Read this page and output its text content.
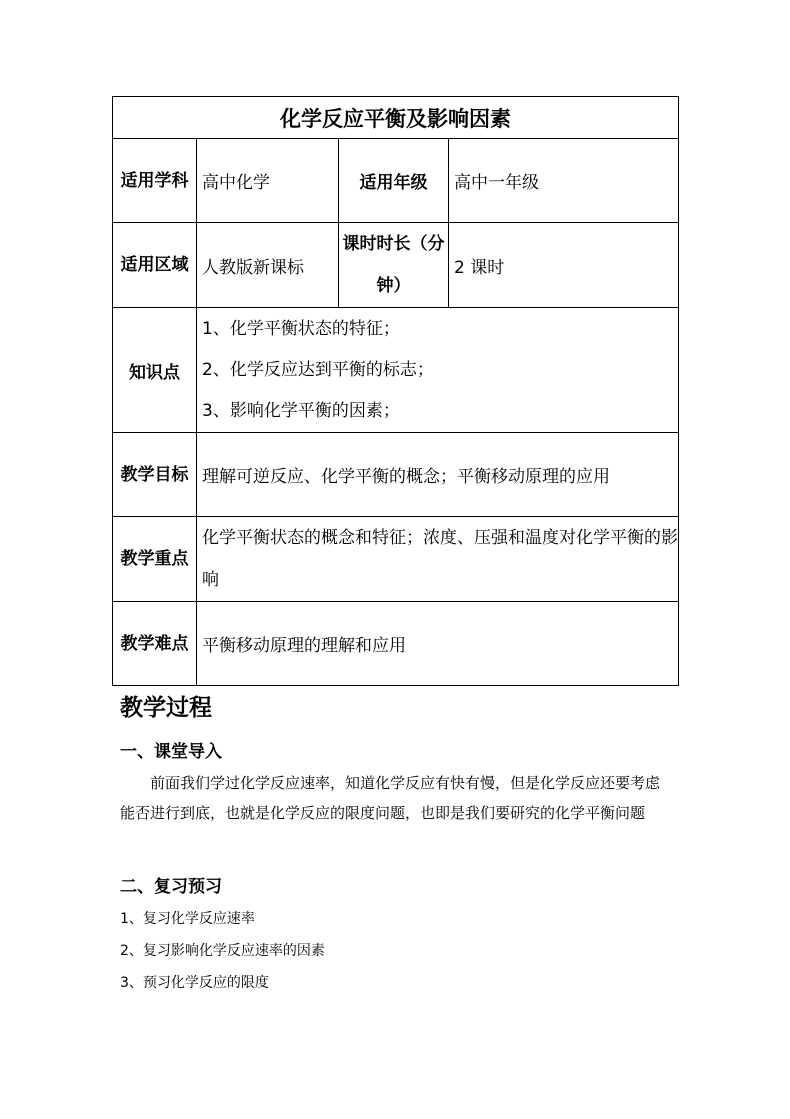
化学反应平衡及影响因素			
适用学科	高中化学	适用年级	高中一年级
适用区域	人教版新课标	课时时长（分钟）	2 课时
知识点	1、化学平衡状态的特征；
2、化学反应达到平衡的标志；
3、影响化学平衡的因素；		

教学目标	理解可逆反应、化学平衡的概念；平衡移动原理的应用		
教学重点	化学平衡状态的概念和特征；浓度、压强和温度对化学平衡的影响		
教学难点	平衡移动原理的理解和应用		
教学过程
一、课堂导入
前面我们学过化学反应速率，知道化学反应有快有慢，但是化学反应还要考虑能否进行到底，也就是化学反应的限度问题，也即是我们要研究的化学平衡问题
二、复习预习
1、复习化学反应速率
2、复习影响化学反应速率的因素
3、预习化学反应的限度
